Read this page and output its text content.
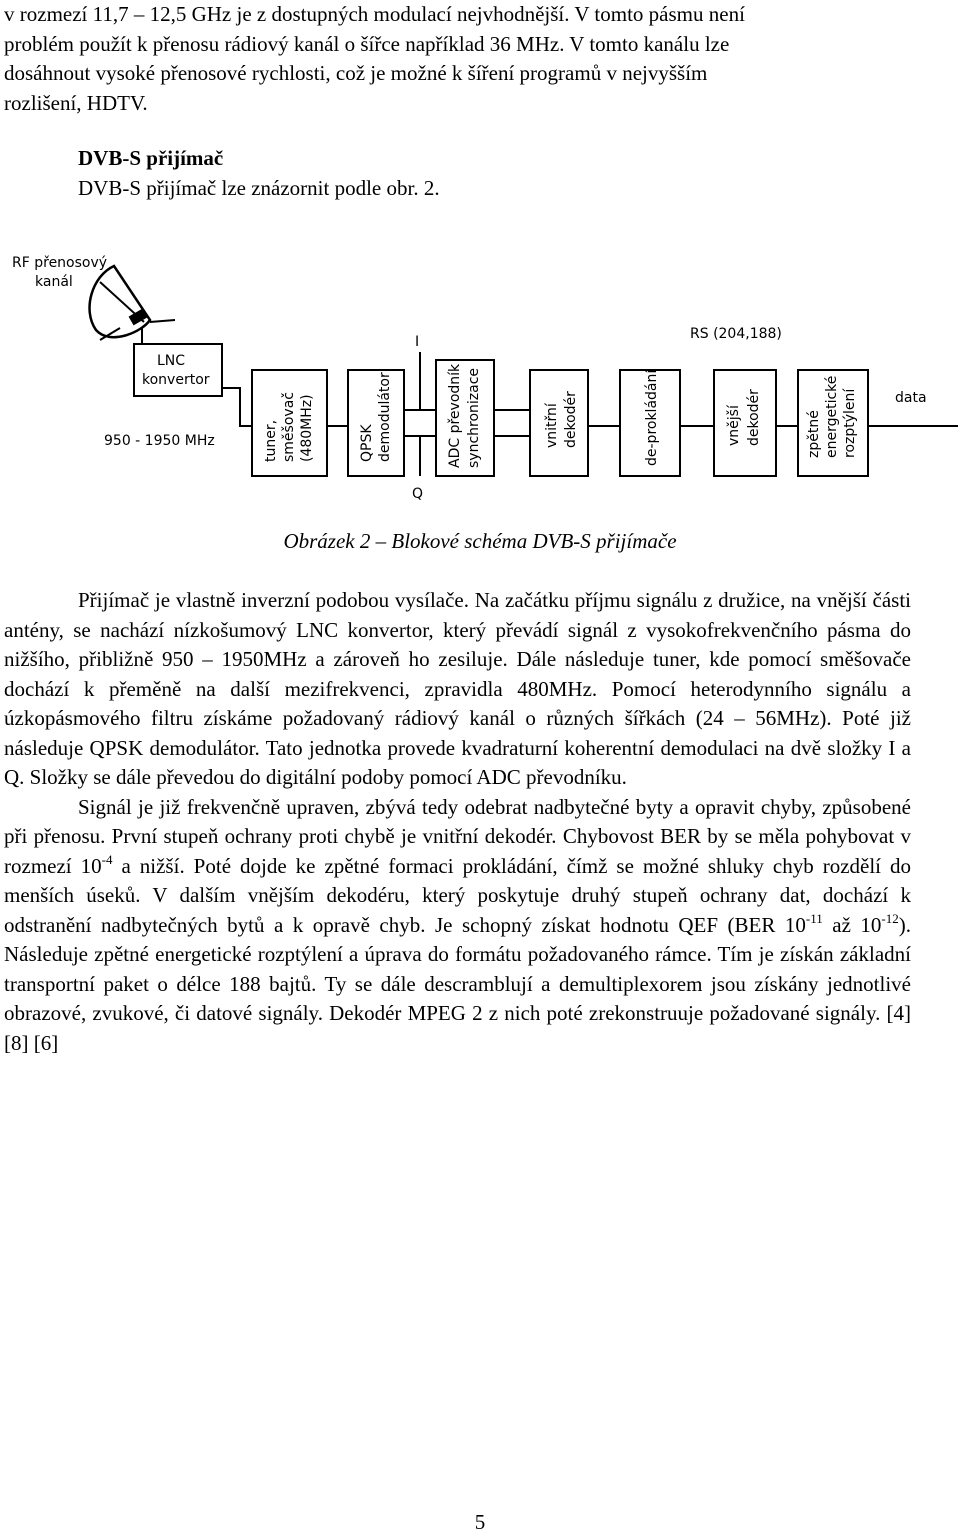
v rozmezí 11,7 – 12,5 GHz je z dostupných modulací nejvhodnější. V tomto pásmu není
problém použít k přenosu rádiový kanál o šířce například 36 MHz. V tomto kanálu lze
dosáhnout vysoké přenosové rychlosti, což je možné k šíření programů v nejvyšším
rozlišení, HDTV.
DVB-S přijímač
DVB-S přijímač lze znázornit podle obr. 2.
RF přenosový
kanál
LNC
konvertor
950 - 1950 MHz
I
Q
RS (204,188)
data
tuner, směšovač (480MHz)	QPSK demodulátor	ADC převodník synchronizace	vnitřní dekodér	de-prokládání	vnější dekodér	zpětné energetické rozptýlení
Obrázek 2 – Blokové schéma DVB-S přijímače

Přijímač je vlastně inverzní podobou vysílače. Na začátku příjmu signálu z družice, na vnější části antény, se nachází nízkošumový LNC konvertor, který převádí signál z vysokofrekvenčního pásma do nižšího, přibližně 950 – 1950MHz a zároveň ho zesiluje. Dále následuje tuner, kde pomocí směšovače dochází k přeměně na další mezifrekvenci, zpravidla 480MHz. Pomocí heterodynního signálu a úzkopásmového filtru získáme požadovaný rádiový kanál o různých šířkách (24 – 56MHz). Poté již následuje QPSK demodulátor. Tato jednotka provede kvadraturní koherentní demodulaci na dvě složky I a Q. Složky se dále převedou do digitální podoby pomocí ADC převodníku.

Signál je již frekvenčně upraven, zbývá tedy odebrat nadbytečné byty a opravit chyby, způsobené při přenosu. První stupeň ochrany proti chybě je vnitřní dekodér. Chybovost BER by se měla pohybovat v rozmezí $10^{-4}$ a nižší. Poté dojde ke zpětné formaci prokládání, čímž se možné shluky chyb rozdělí do menších úseků. V dalším vnějším dekodéru, který poskytuje druhý stupeň ochrany dat, dochází k odstranění nadbytečných bytů a k opravě chyb. Je schopný získat hodnotu QEF (BER $10^{-11}$ až $10^{-12}$). Následuje zpětné energetické rozptýlení a úprava do formátu požadovaného rámce. Tím je získán základní transportní paket o délce 188 bajtů. Ty se dále descramblují a demultiplexorem jsou získány jednotlivé obrazové, zvukové, či datové signály. Dekodér MPEG 2 z nich poté zrekonstruuje požadované signály. [4] [8] [6]

5
